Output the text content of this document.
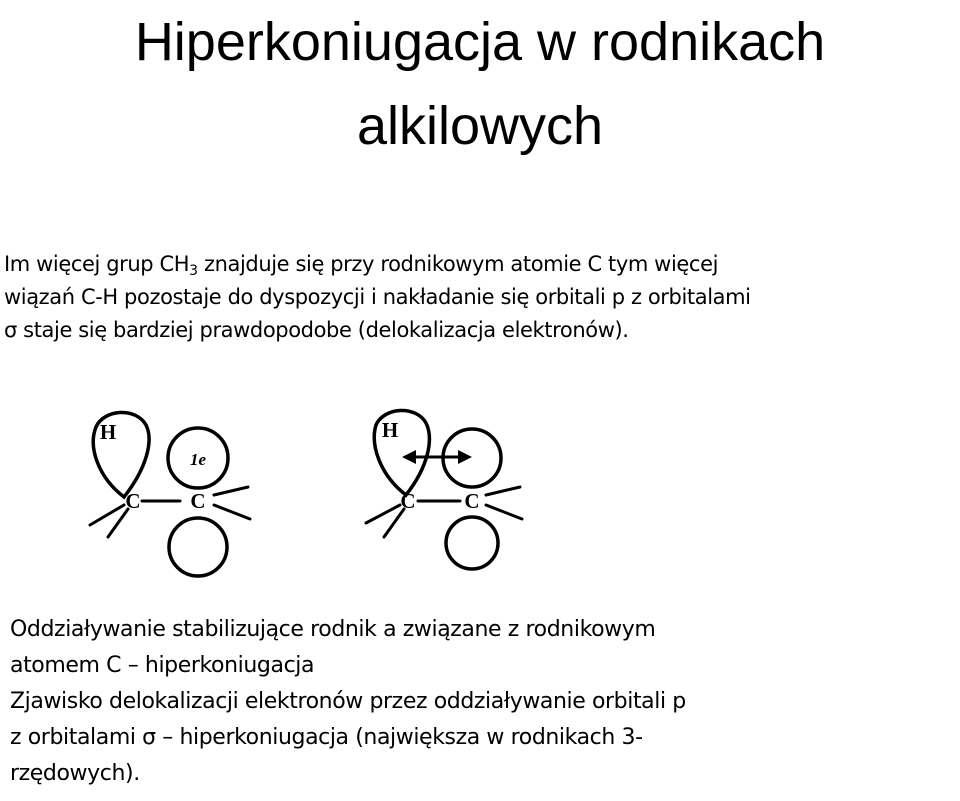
Hiperkoniugacja w rodnikach
alkilowych
Im więcej grup $CH_3$ znajduje się przy rodnikowym atomie C tym więcej
wiązań C-H pozostaje do dyspozycji i nakładanie się orbitali p z orbitalami
σ staje się bardziej prawdopodobe (delokalizacja elektronów).
H
1e
C C
H
C C

Oddziaływanie stabilizujące rodnik a związane z rodnikowym

atomem C – hiperkoniugacja

Zjawisko delokalizacji elektronów przez oddziaływanie orbitali p

z orbitalami σ – hiperkoniugacja (największa w rodnikach 3-

rzędowych).
